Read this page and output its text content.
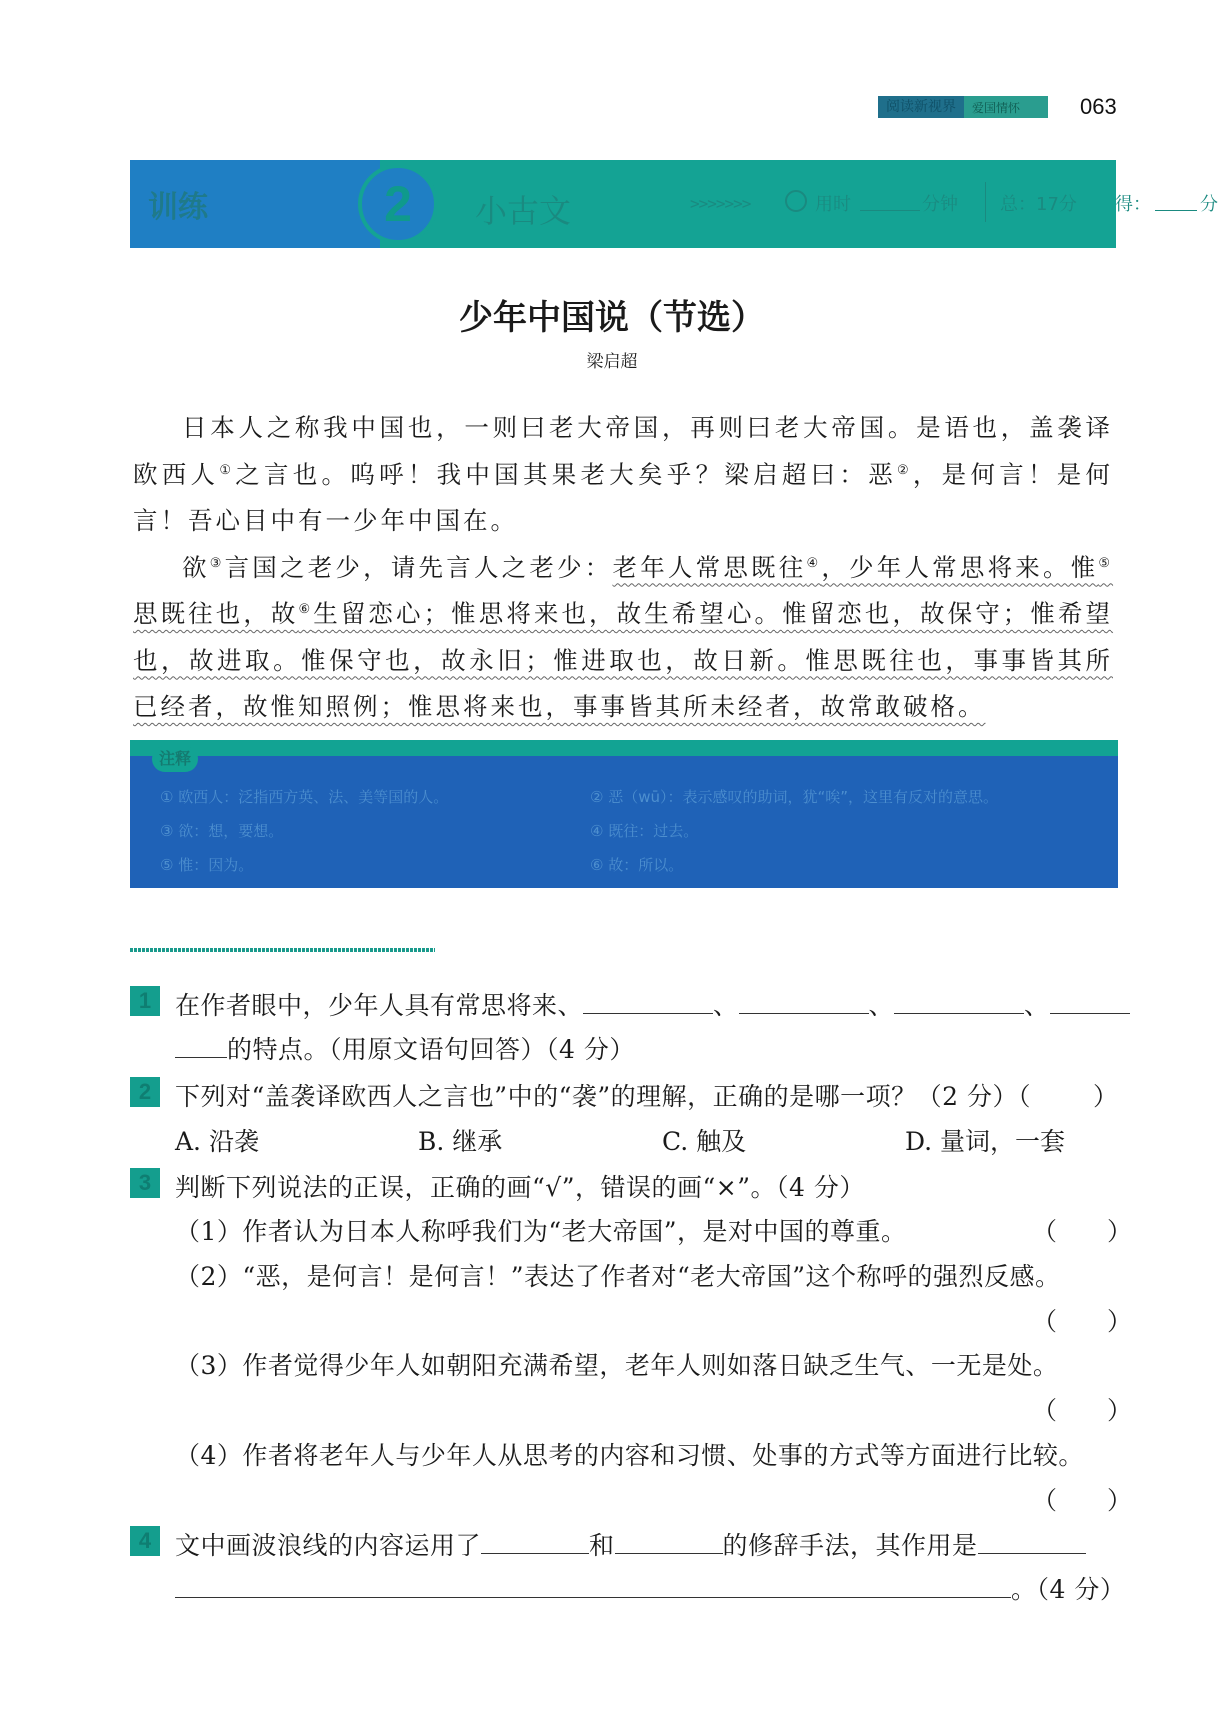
阅读新视界	爱国情怀	063
训练	2 小古文	>>>>>>>	用时	分钟 总：17分 得：	分
少年中国说（节选）
梁启超

日本人之称我中国也，一则曰老大帝国，再则曰老大帝国。是语也，盖袭译欧西人①之言也。呜呼！我中国其果老大矣乎？梁启超曰：恶②，是何言！是何言！吾心目中有一少年中国在。

欲③言国之老少，请先言人之老少：老年人常思既往④，少年人常思将来。惟⑤思既往也，故⑥生留恋心；惟思将来也，故生希望心。惟留恋也，故保守；惟希望也，故进取。惟保守也，故永旧；惟进取也，故日新。惟思既往也，事事皆其所已经者，故惟知照例；惟思将来也，事事皆其所未经者，故常敢破格。

注释
① 欧西人：泛指西方英、法、美等国的人。	② 恶（wū）：表示感叹的助词，犹“唉”，这里有反对的意思。
③ 欲：想，要想。	④ 既往：过去。
⑤ 惟：因为。	⑥ 故：所以。
1 在作者眼中，少年人具有常思将来、	、	、	、
的特点。（用原文语句回答）（4 分）
2 下列对“盖袭译欧西人之言也”中的“袭”的理解，正确的是哪一项？（2 分）（ ）
A. 沿袭	B. 继承	C. 触及	D. 量词，一套
3 判断下列说法的正误，正确的画“√”，错误的画“×”。（4 分）
（1）作者认为日本人称呼我们为“老大帝国”，是对中国的尊重。	（　　）
（2）“恶，是何言！是何言！”表达了作者对“老大帝国”这个称呼的强烈反感。
（　　）
（3）作者觉得少年人如朝阳充满希望，老年人则如落日缺乏生气、一无是处。
（　　）
（4）作者将老年人与少年人从思考的内容和习惯、处事的方式等方面进行比较。
（　　）
4 文中画波浪线的内容运用了	和	的修辞手法，其作用是
。（4 分）
